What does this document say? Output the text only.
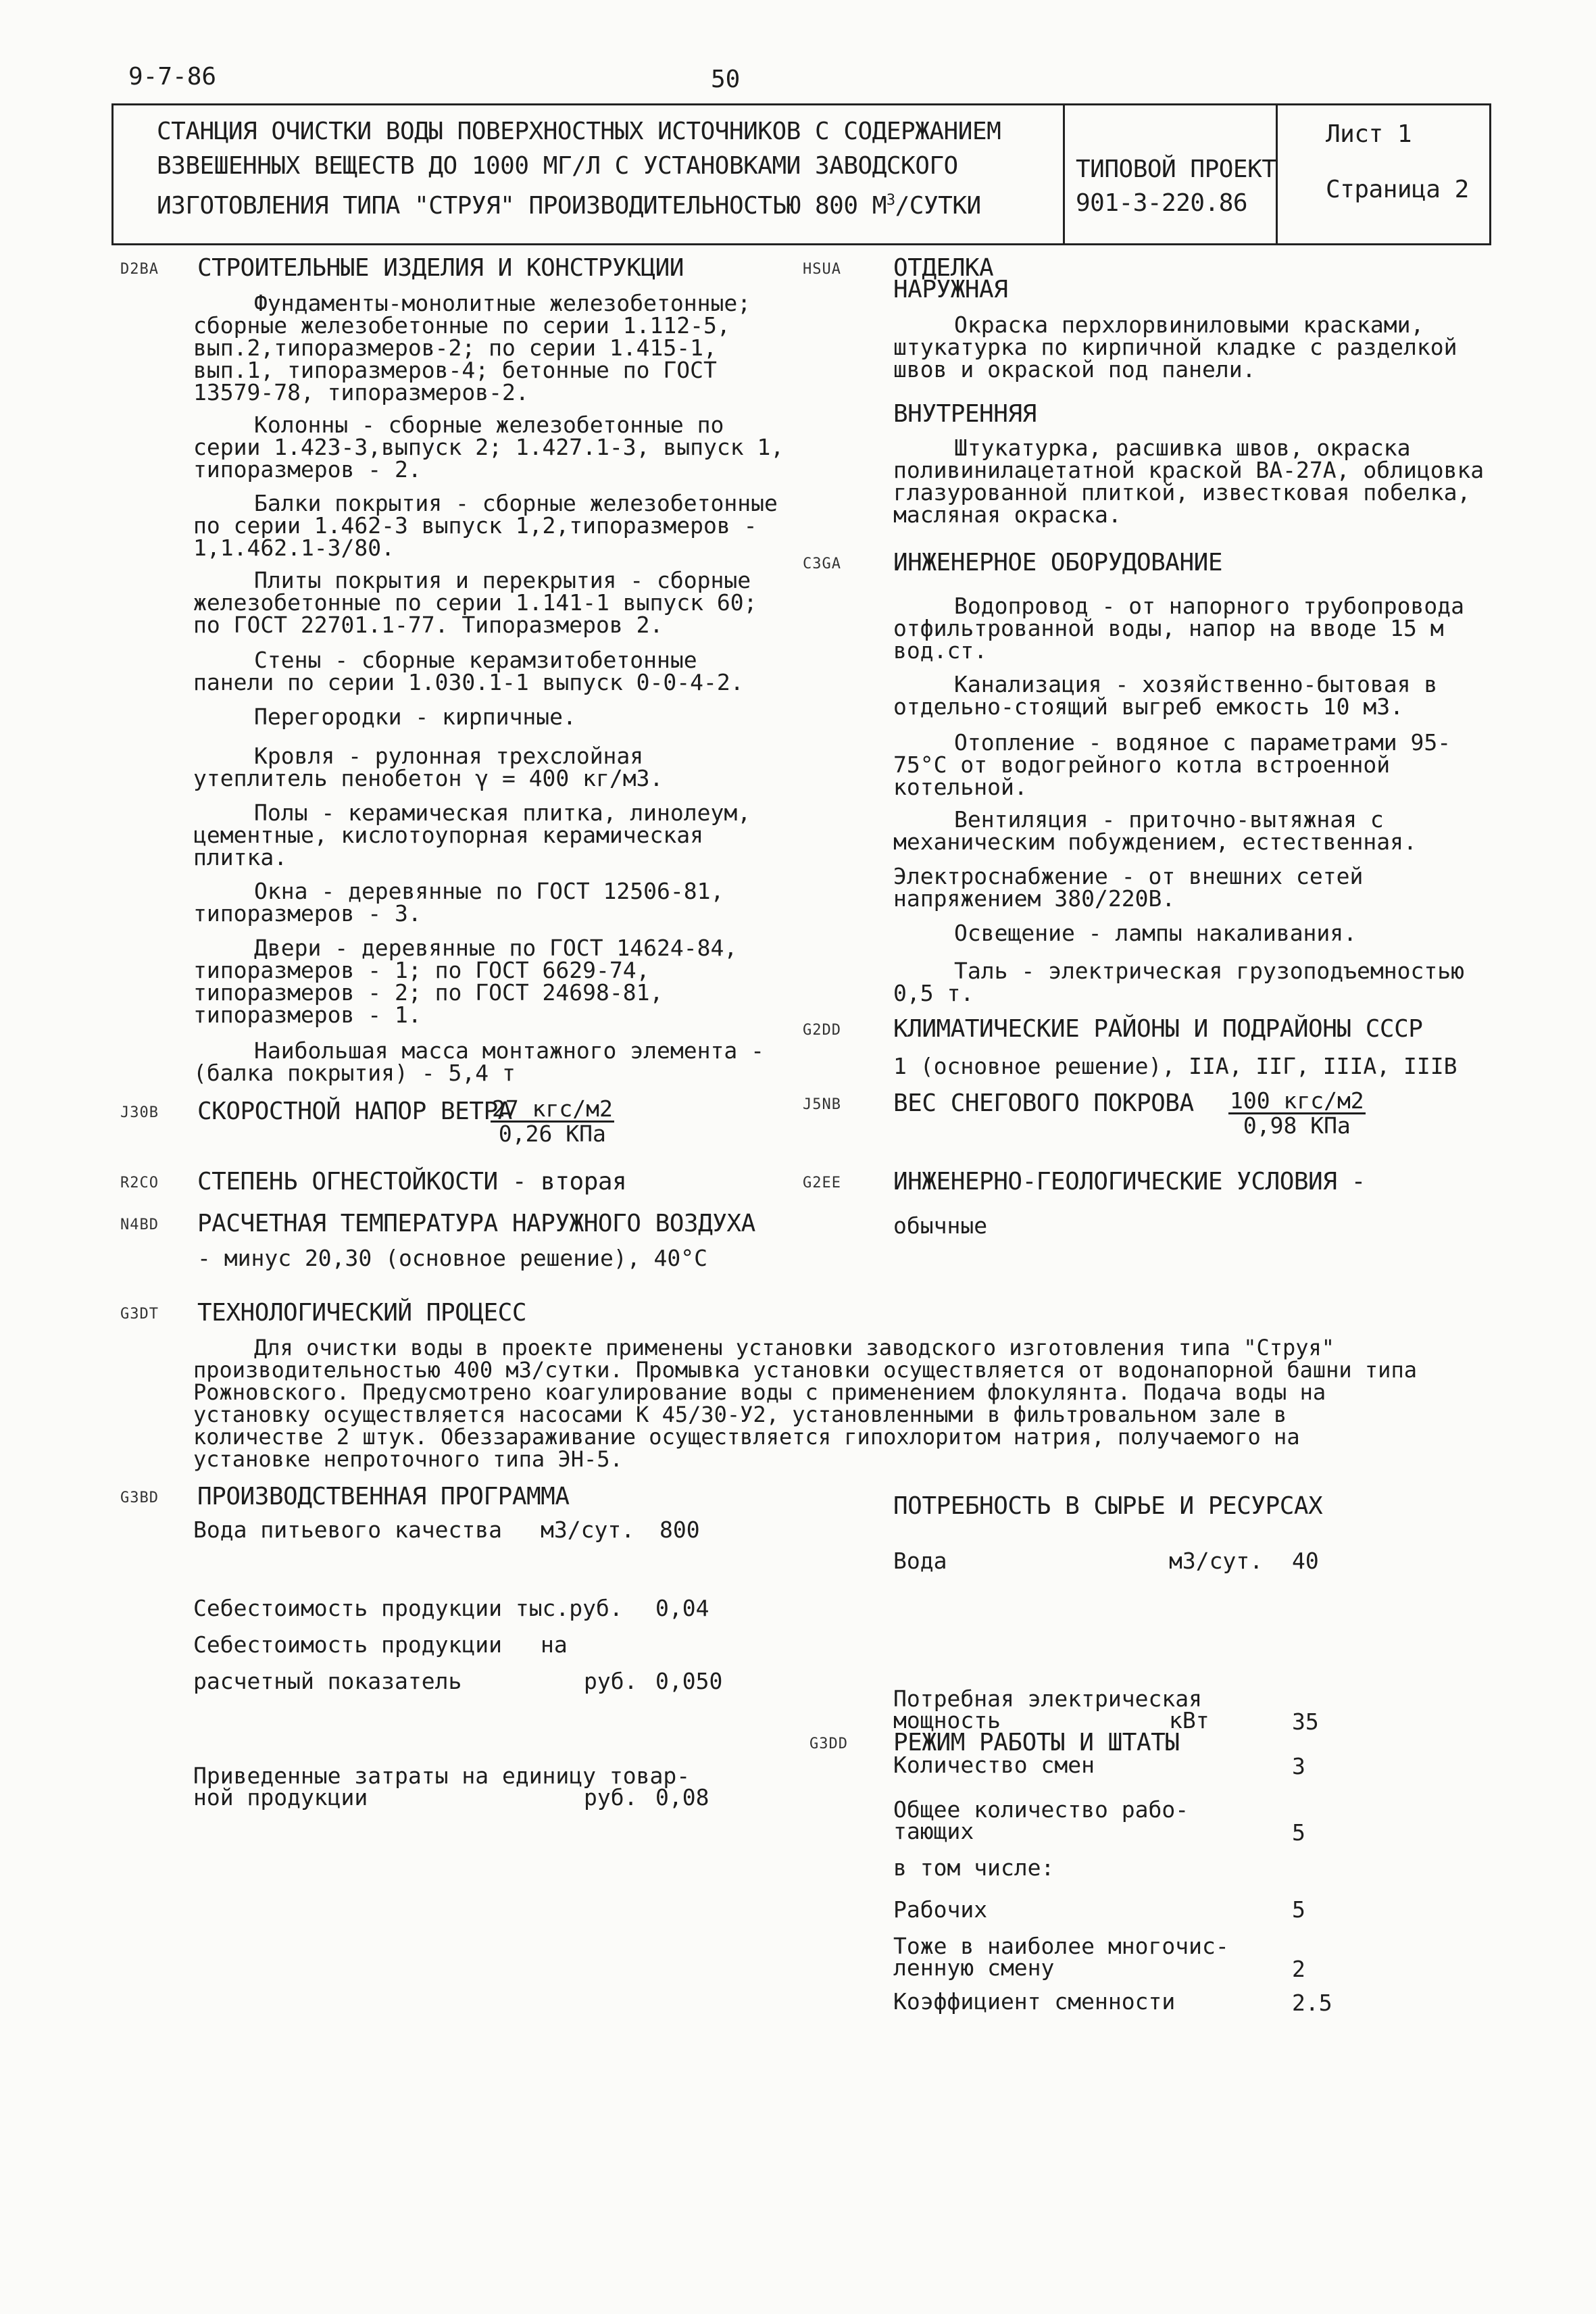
9-7-86	50
СТАНЦИЯ ОЧИСТКИ ВОДЫ ПОВЕРХНОСТНЫХ ИСТОЧНИКОВ С СОДЕРЖАНИЕМ
ВЗВЕШЕННЫХ ВЕЩЕСТВ ДО 1000 МГ/Л С УСТАНОВКАМИ ЗАВОДСКОГО
ИЗГОТОВЛЕНИЯ ТИПА "СТРУЯ" ПРОИЗВОДИТЕЛЬНОСТЬЮ 800 $М^3$/СУТКИ
ТИПОВОЙ ПРОЕКТ
901-3-220.86
Лист 1
Страница 2
D2BA СТРОИТЕЛЬНЫЕ ИЗДЕЛИЯ И КОНСТРУКЦИИ
Фундаменты-монолитные железобетонные; сборные железобетонные по серии 1.112-5, вып.2,типоразмеров-2; по серии 1.415-1, вып.1, типоразмеров-4; бетонные по ГОСТ 13579-78, типоразмеров-2.
Колонны - сборные железобетонные по серии 1.423-3,выпуск 2; 1.427.1-3, выпуск 1, типоразмеров - 2.
Балки покрытия - сборные железобетонные по серии 1.462-3 выпуск 1,2,типоразмеров - 1,1.462.1-3/80.
Плиты покрытия и перекрытия - сборные железобетонные по серии 1.141-1 выпуск 60; по ГОСТ 22701.1-77. Типоразмеров 2.
Стены - сборные керамзитобетонные панели по серии 1.030.1-1 выпуск 0-0-4-2.
Перегородки - кирпичные.
Кровля - рулонная трехслойная утеплитель пенобетон γ = 400 кг/м3.
Полы - керамическая плитка, линолеум, цементные, кислотоупорная керамическая плитка.
Окна - деревянные по ГОСТ 12506-81, типоразмеров - 3.
Двери - деревянные по ГОСТ 14624-84, типоразмеров - 1; по ГОСТ 6629-74, типоразмеров - 2; по ГОСТ 24698-81, типоразмеров - 1.
Наибольшая масса монтажного элемента - (балка покрытия) - 5,4 т
J30B СКОРОСТНОЙ НАПОР ВЕТРА
27 кгс/м2
0,26 КПа
R2CO СТЕПЕНЬ ОГНЕСТОЙКОСТИ - вторая
N4BD РАСЧЕТНАЯ ТЕМПЕРАТУРА НАРУЖНОГО ВОЗДУХА
- минус 20,30 (основное решение), 40°С
HSUA ОТДЕЛКА
НАРУЖНАЯ
Окраска перхлорвиниловыми красками, штукатурка по кирпичной кладке с разделкой швов и окраской под панели.
ВНУТРЕННЯЯ
Штукатурка, расшивка швов, окраска поливинилацетатной краской ВА-27А, облицовка глазурованной плиткой, известковая побелка, масляная окраска.
C3GA ИНЖЕНЕРНОЕ ОБОРУДОВАНИЕ
Водопровод - от напорного трубопровода отфильтрованной воды, напор на вводе 15 м вод.ст.
Канализация - хозяйственно-бытовая в отдельно-стоящий выгреб емкость 10 м3.
Отопление - водяное с параметрами 95-75°С от водогрейного котла встроенной котельной.
Вентиляция - приточно-вытяжная с механическим побуждением, естественная.
Электроснабжение - от внешних сетей напряжением 380/220В.
Освещение - лампы накаливания.
Таль - электрическая грузоподъемностью 0,5 т.
G2DD КЛИМАТИЧЕСКИЕ РАЙОНЫ И ПОДРАЙОНЫ СССР
1 (основное решение), IIА, IIГ, IIIА, IIIВ
J5NB ВЕС СНЕГОВОГО ПОКРОВА 100 кгс/м2
0,98 КПа
G2EE ИНЖЕНЕРНО-ГЕОЛОГИЧЕСКИЕ УСЛОВИЯ -
обычные
G3DT ТЕХНОЛОГИЧЕСКИЙ ПРОЦЕСС
Для очистки воды в проекте применены установки заводского изготовления типа "Струя" производительностью 400 м3/сутки. Промывка установки осуществляется от водонапорной башни типа Рожновского. Предусмотрено коагулирование воды с применением флокулянта. Подача воды на установку осуществляется насосами К 45/30-У2, установленными в фильтровальном зале в количестве 2 штук. Обеззараживание осуществляется гипохлоритом натрия, получаемого на установке непроточного типа ЭН-5.
G3BD ПРОИЗВОДСТВЕННАЯ ПРОГРАММА
Вода питьевого качества м3/сут. 800
Себестоимость продукции тыс.руб. 0,04
Себестоимость продукции на
расчетный показатель	руб. 0,050
Приведенные затраты на единицу товар-
ной продукции	руб. 0,08
ПОТРЕБНОСТЬ В СЫРЬЕ И РЕСУРСАХ
Вода	м3/сут. 40
Потребная электрическая
мощность	кВт	35
G3DD РЕЖИМ РАБОТЫ И ШТАТЫ
Количество смен	3
Общее количество рабо-
тающих	5
в том числе:
Рабочих	5
Тоже в наиболее многочис-
ленную смену	2
Коэффициент сменности	2.5
